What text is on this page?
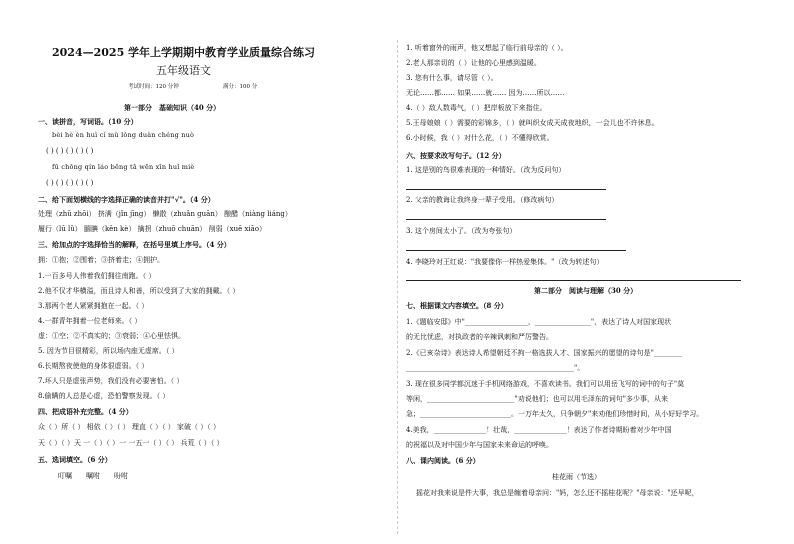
2024—2025 学年上学期期中教育学业质量综合练习
五年级语文
考试时间：120 分钟	满分：100 分
第一部分　基础知识（40 分）
一、读拼音，写词语。（10 分）
bèi hè èn huì cí mǔ lǒng duàn chéng nuò
( ) ( ) ( ) ( ) ( )
fū chōng qín láo bēng tā wēn xīn huǐ miè
( ) ( ) ( ) ( ) ( )
二、给下面划横线的字选择正确的读音并打"√"。（4 分）
处理（zhǔ zhōi） 挤满（jǐn jīng） 懒散（zhuǎn guān） 酿醋（niàng liáng）
履行（lū lǔ） 腼腆（kěn kè） 擒拐（zhuō chuān） 削弱（xuē xiāo）
三、给加点的字选择恰当的解释，在括号里填上序号。（4 分）
拥：①抱；②围着；③挤着走；④拥护。
1.一百多号人伟着我们拥往南跑。（ ）
2.他不仅才华横溢，而且诗人和善，所以受到了大家的拥戴。（ ）
3.那两个老人紧紧拥抱在一起。（ ）
4.一群青年拥着一位老师来。（ ）
虚：①空；②不真实的；③衰弱；④心里怯惧。
5. 因为节目很精彩，所以场内座无虚席。（ ）
6.长期熬夜使他的身体很虚弱。（ ）
7.坏人只是虚张声势，我们没有必要害怕。（ ）
8.偷瞒的人总是心虚，恐怕警察发现。（ ）
四、把成语补充完整。（4 分）
众（ ）所（ ） 相依（ ）（ ） 理直（ ）（ ） 家破（ ）（ ）
天（ ）（ ）天 一（ ）（ ）一 一五一（ ）（ ） 兵荒（ ）（ ）
五、选词填空。（6 分）
叮嘱　　嘱咐　　吩咐
1. 听着窗外的雨声，他又想起了临行前母亲的（ ）。
2.老人那亲切的（ ）让他的心里感到温暖。
3. 您有什么事，请尽管（ ）。
无论……都…… 如果……就…… 因为……所以……
4.（ ）敌人数毒气，（ ）把岸板放下来指住。
5.王母娘娘（ ）需要的彩锦多，（ ）就叫织女成天成夜地织，一会儿也不许休息。
6.小时候，我（ ）对什么花，（ ）不懂得欣赏。
六、按要求改写句子。（12 分）
1. 这是别的鸟很难表现的一种情好。（改为反问句）
2. 父亲的教诲让我终身一辈子受用。（修改病句）
3. 这个房间太小了。（改为夸张句）
4. 李晓玲对王红说："我要像你一样热爱集体。"（改为转述句）
第二部分　阅读与理解（30 分）
七、根据课文内容填空。（8 分）
1.《题临安邸》中"__________________，________________"，表达了诗人对国家现状
的无比忧虑，对执政者的辛辣讽刺和严厉警告。
2.《已亥杂诗》表达诗人希望朝廷不拘一格选拔人才、国家振兴的愿望的诗句是"________
________________________________________________"。
3. 现在很多同学都沉迷于手机网络游戏，不喜欢读书。我们可以用岳飞写的词中的句子"莫
等闲，_________________________"劝说他们；也可以用毛泽东的词句"多少事，从来
急；__________________________。一万年太久，只争朝夕"来劝他们珍惜时间，从小好好学习。
4.美我，_______________！壮哉，_______________！表达了作者诗期盼着对少年中国
的祝福以及对中国少年与国家未来命运的呼唤。
八、课内阅读。（6 分）
桂花雨（节选）
摇花对我来说是件大事，我总是缠着母亲问："妈，怎么还不摇桂花呢？"母亲说："还早呢，
